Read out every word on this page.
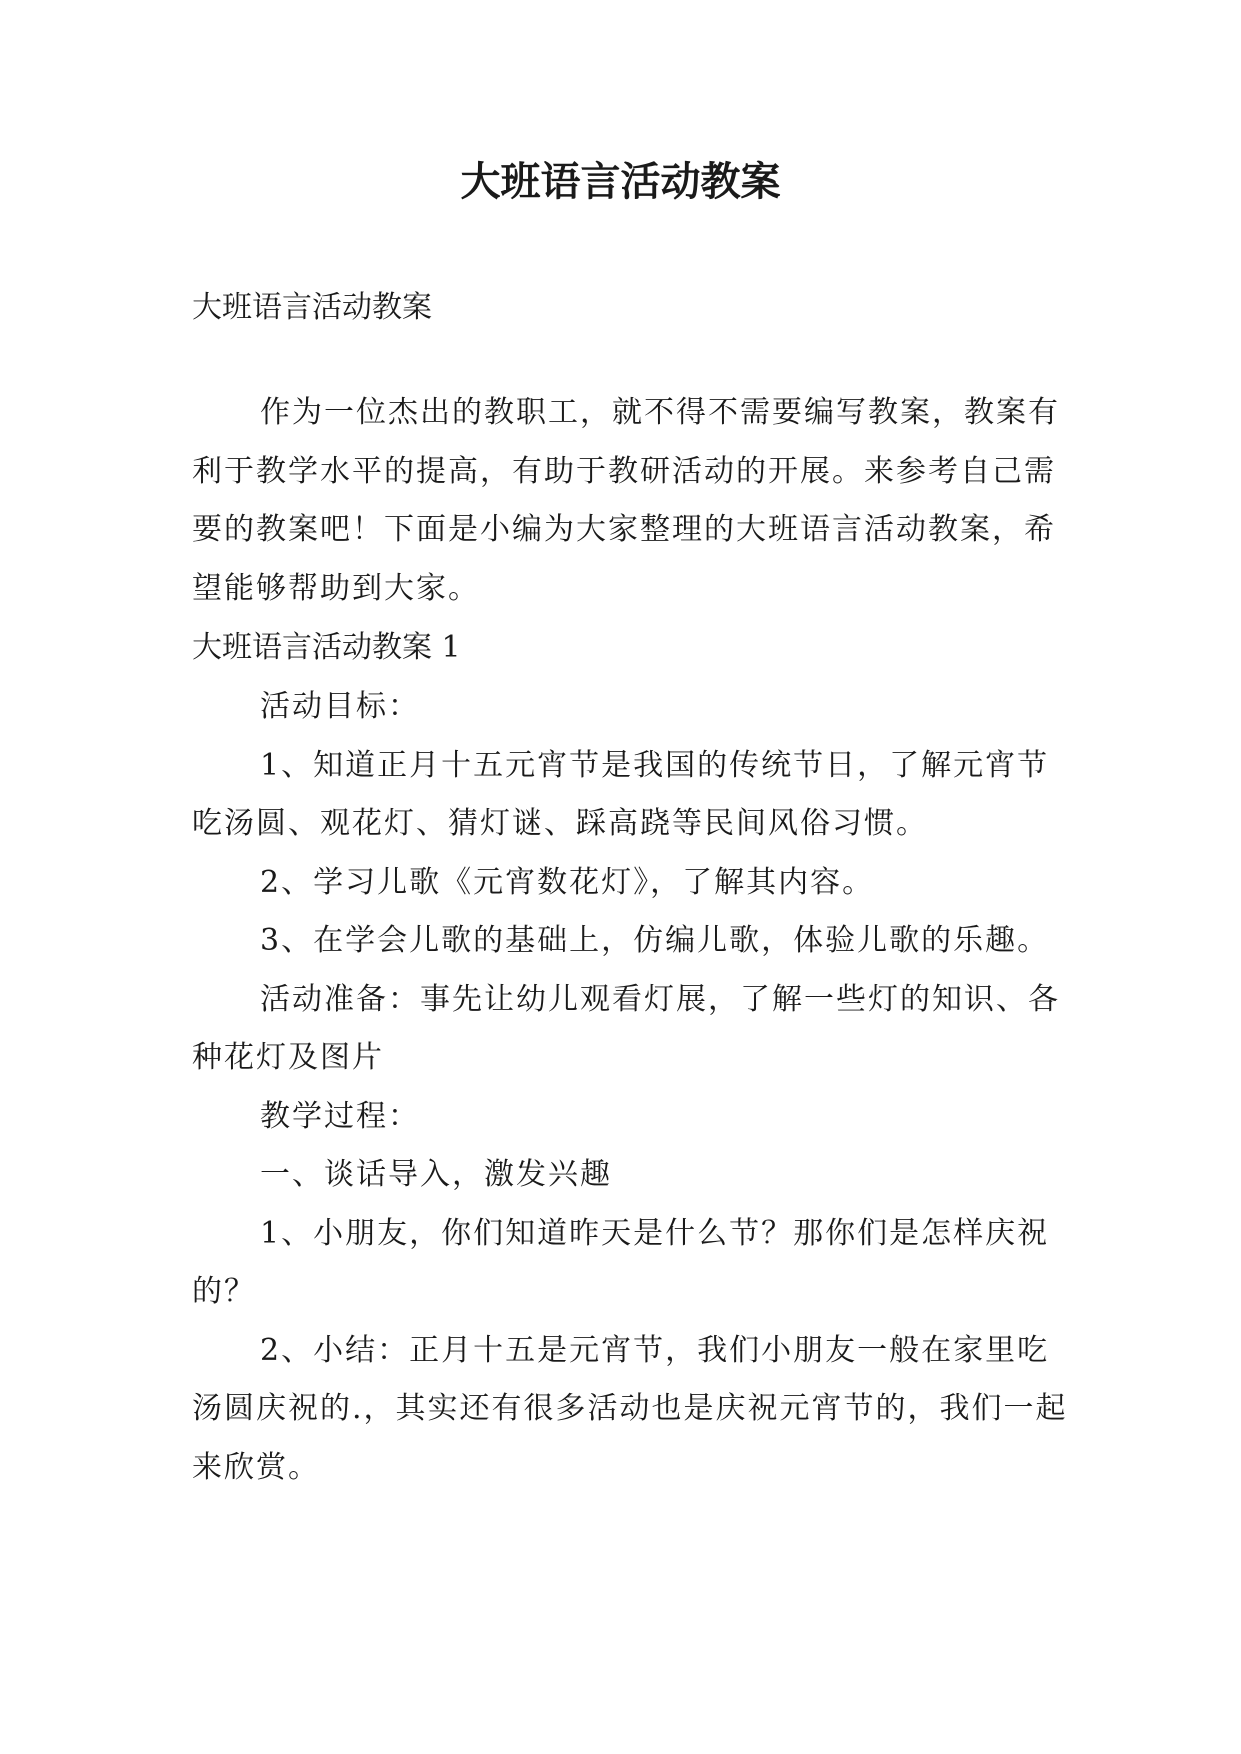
大班语言活动教案

大班语言活动教案

作为一位杰出的教职工，就不得不需要编写教案，教案有利于教学水平的提高，有助于教研活动的开展。来参考自己需要的教案吧！下面是小编为大家整理的大班语言活动教案，希望能够帮助到大家。

大班语言活动教案 1

活动目标：

1、知道正月十五元宵节是我国的传统节日，了解元宵节吃汤圆、观花灯、猜灯谜、踩高跷等民间风俗习惯。

2、学习儿歌《元宵数花灯》，了解其内容。

3、在学会儿歌的基础上，仿编儿歌，体验儿歌的乐趣。

活动准备：事先让幼儿观看灯展，了解一些灯的知识、各种花灯及图片

教学过程：

一、谈话导入，激发兴趣

1、小朋友，你们知道昨天是什么节？那你们是怎样庆祝的？

2、小结：正月十五是元宵节，我们小朋友一般在家里吃汤圆庆祝的.，其实还有很多活动也是庆祝元宵节的，我们一起来欣赏。
